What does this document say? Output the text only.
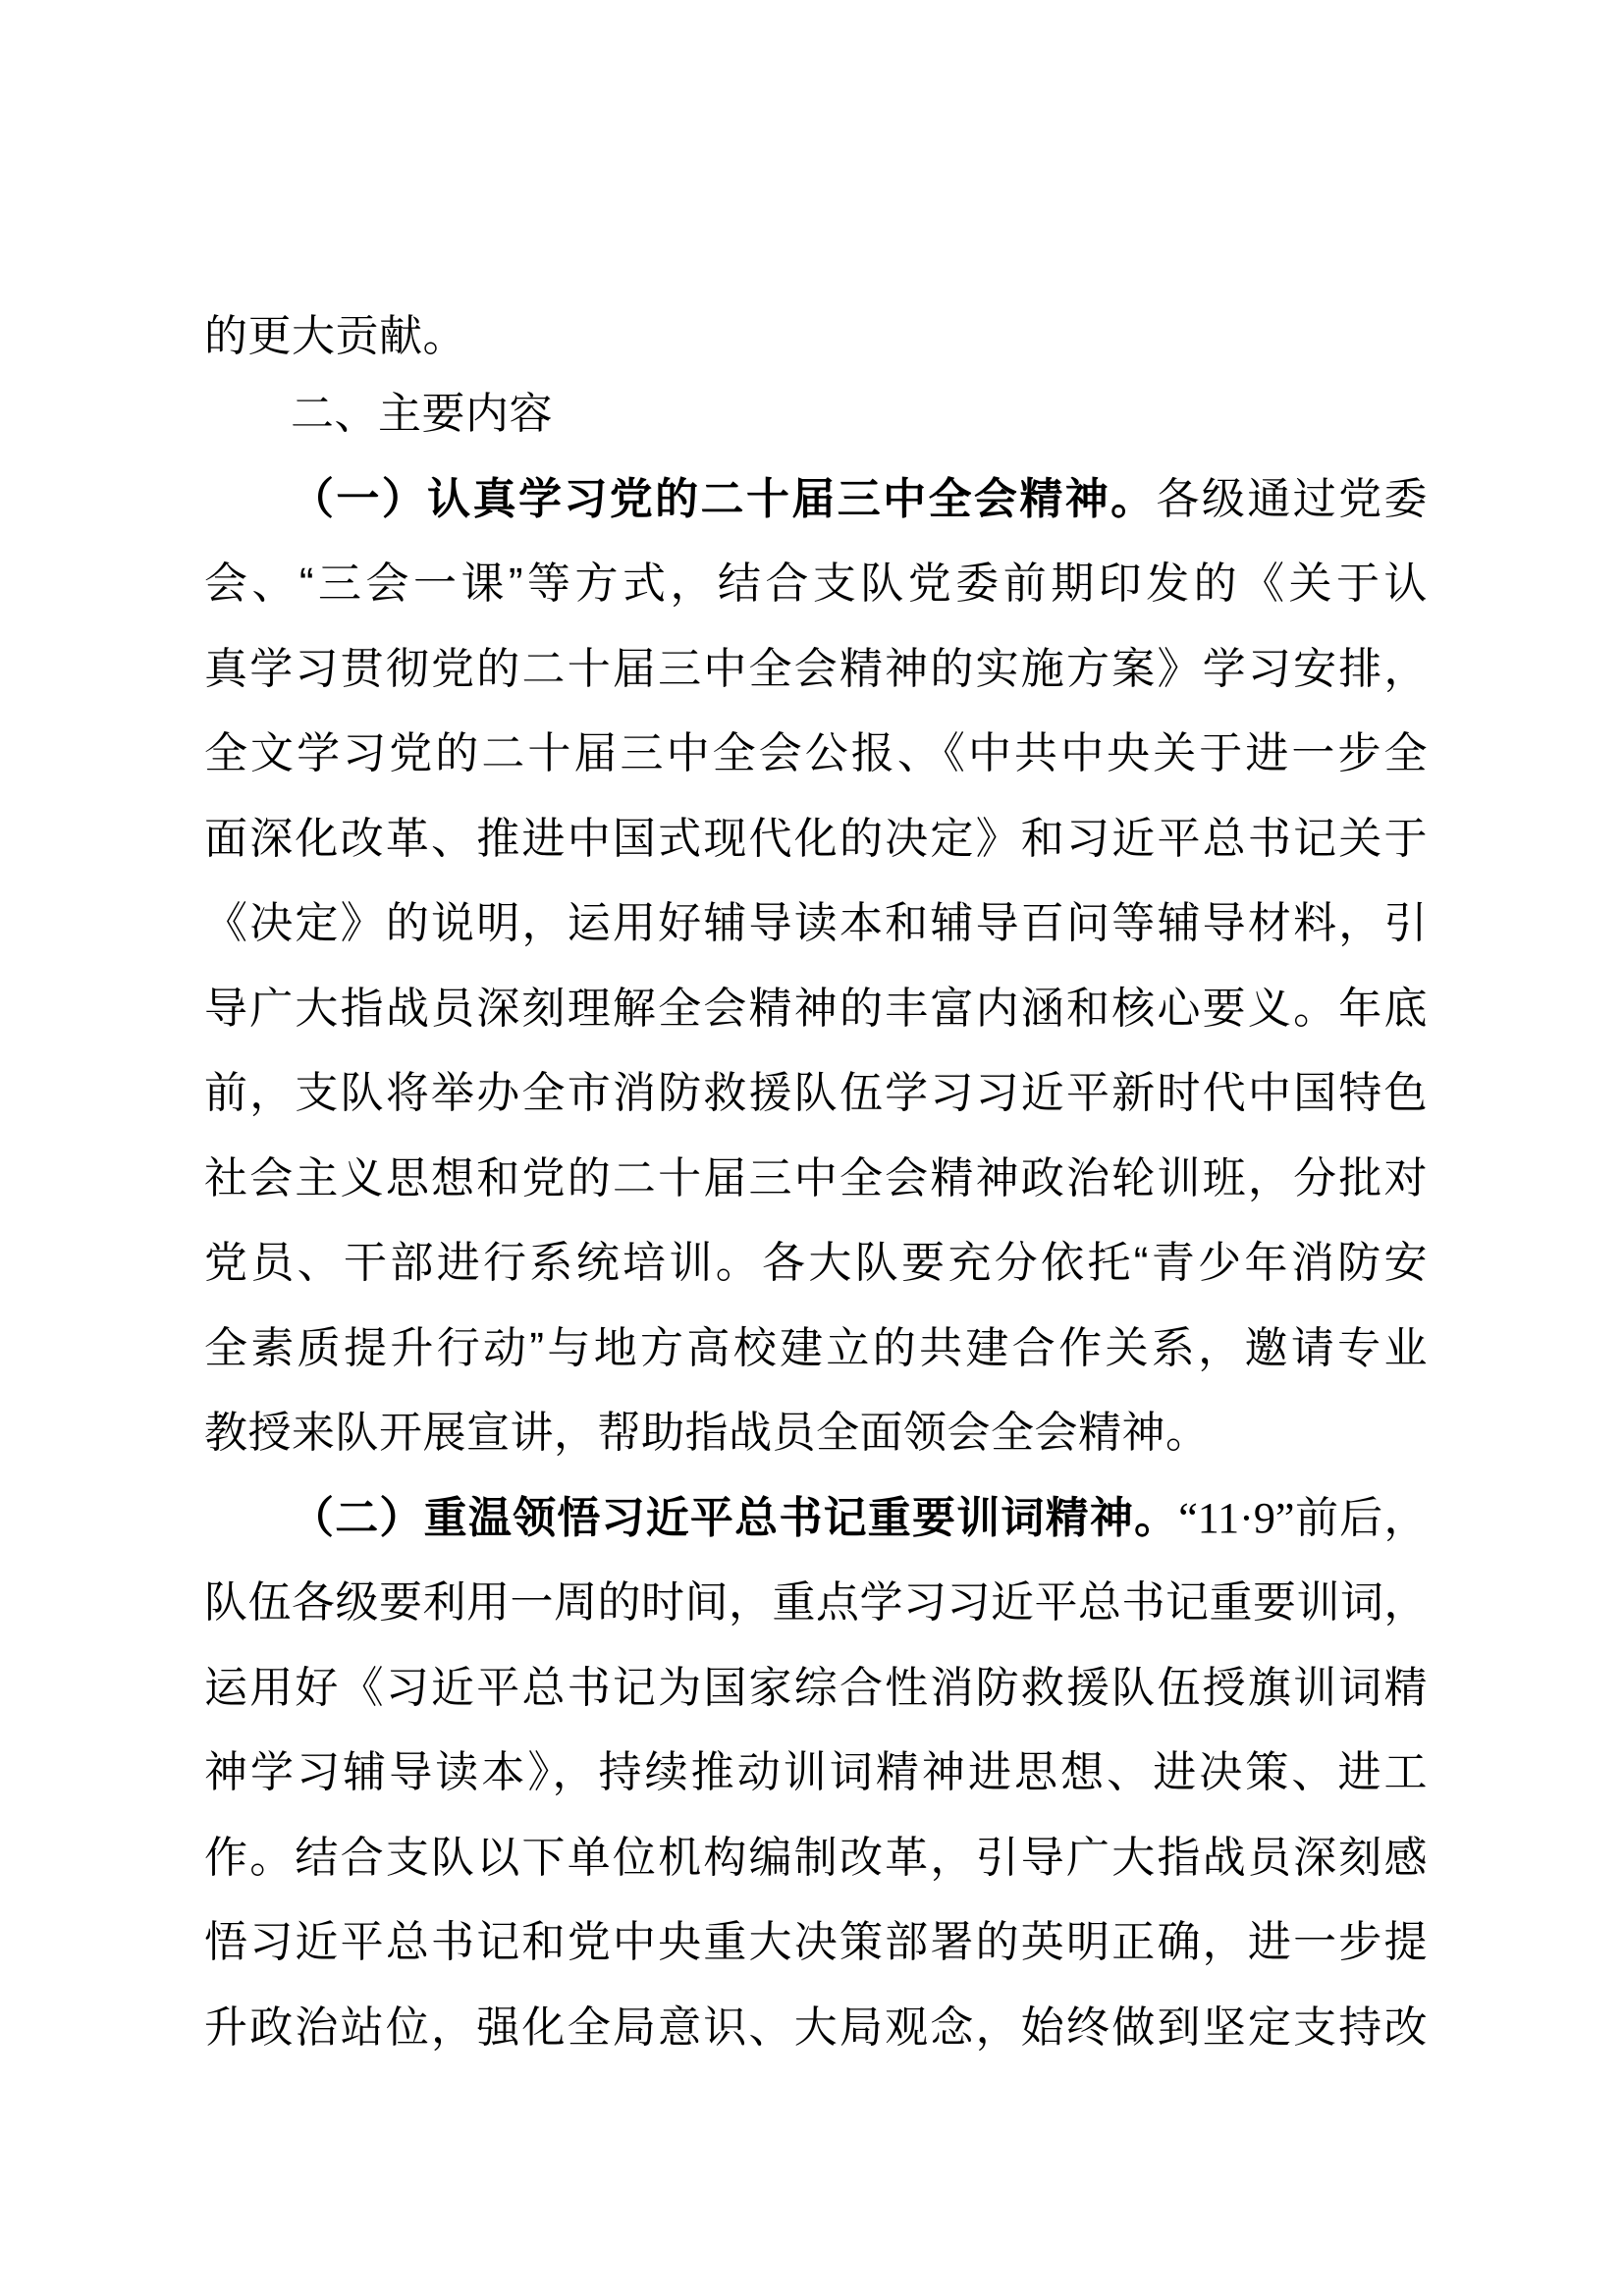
的更大贡献。
二、主要内容
（一）认真学习党的二十届三中全会精神。各级通过党委
会、“三会一课”等方式，结合支队党委前期印发的《关于认
真学习贯彻党的二十届三中全会精神的实施方案》学习安排，
全文学习党的二十届三中全会公报、《中共中央关于进一步全
面深化改革、推进中国式现代化的决定》和习近平总书记关于
《决定》的说明，运用好辅导读本和辅导百问等辅导材料，引
导广大指战员深刻理解全会精神的丰富内涵和核心要义。年底
前，支队将举办全市消防救援队伍学习习近平新时代中国特色
社会主义思想和党的二十届三中全会精神政治轮训班，分批对
党员、干部进行系统培训。各大队要充分依托“青少年消防安
全素质提升行动”与地方高校建立的共建合作关系，邀请专业
教授来队开展宣讲，帮助指战员全面领会全会精神。
（二）重温领悟习近平总书记重要训词精神。“11·9”前后，
队伍各级要利用一周的时间，重点学习习近平总书记重要训词，
运用好《习近平总书记为国家综合性消防救援队伍授旗训词精
神学习辅导读本》，持续推动训词精神进思想、进决策、进工
作。结合支队以下单位机构编制改革，引导广大指战员深刻感
悟习近平总书记和党中央重大决策部署的英明正确，进一步提
升政治站位，强化全局意识、大局观念，始终做到坚定支持改
